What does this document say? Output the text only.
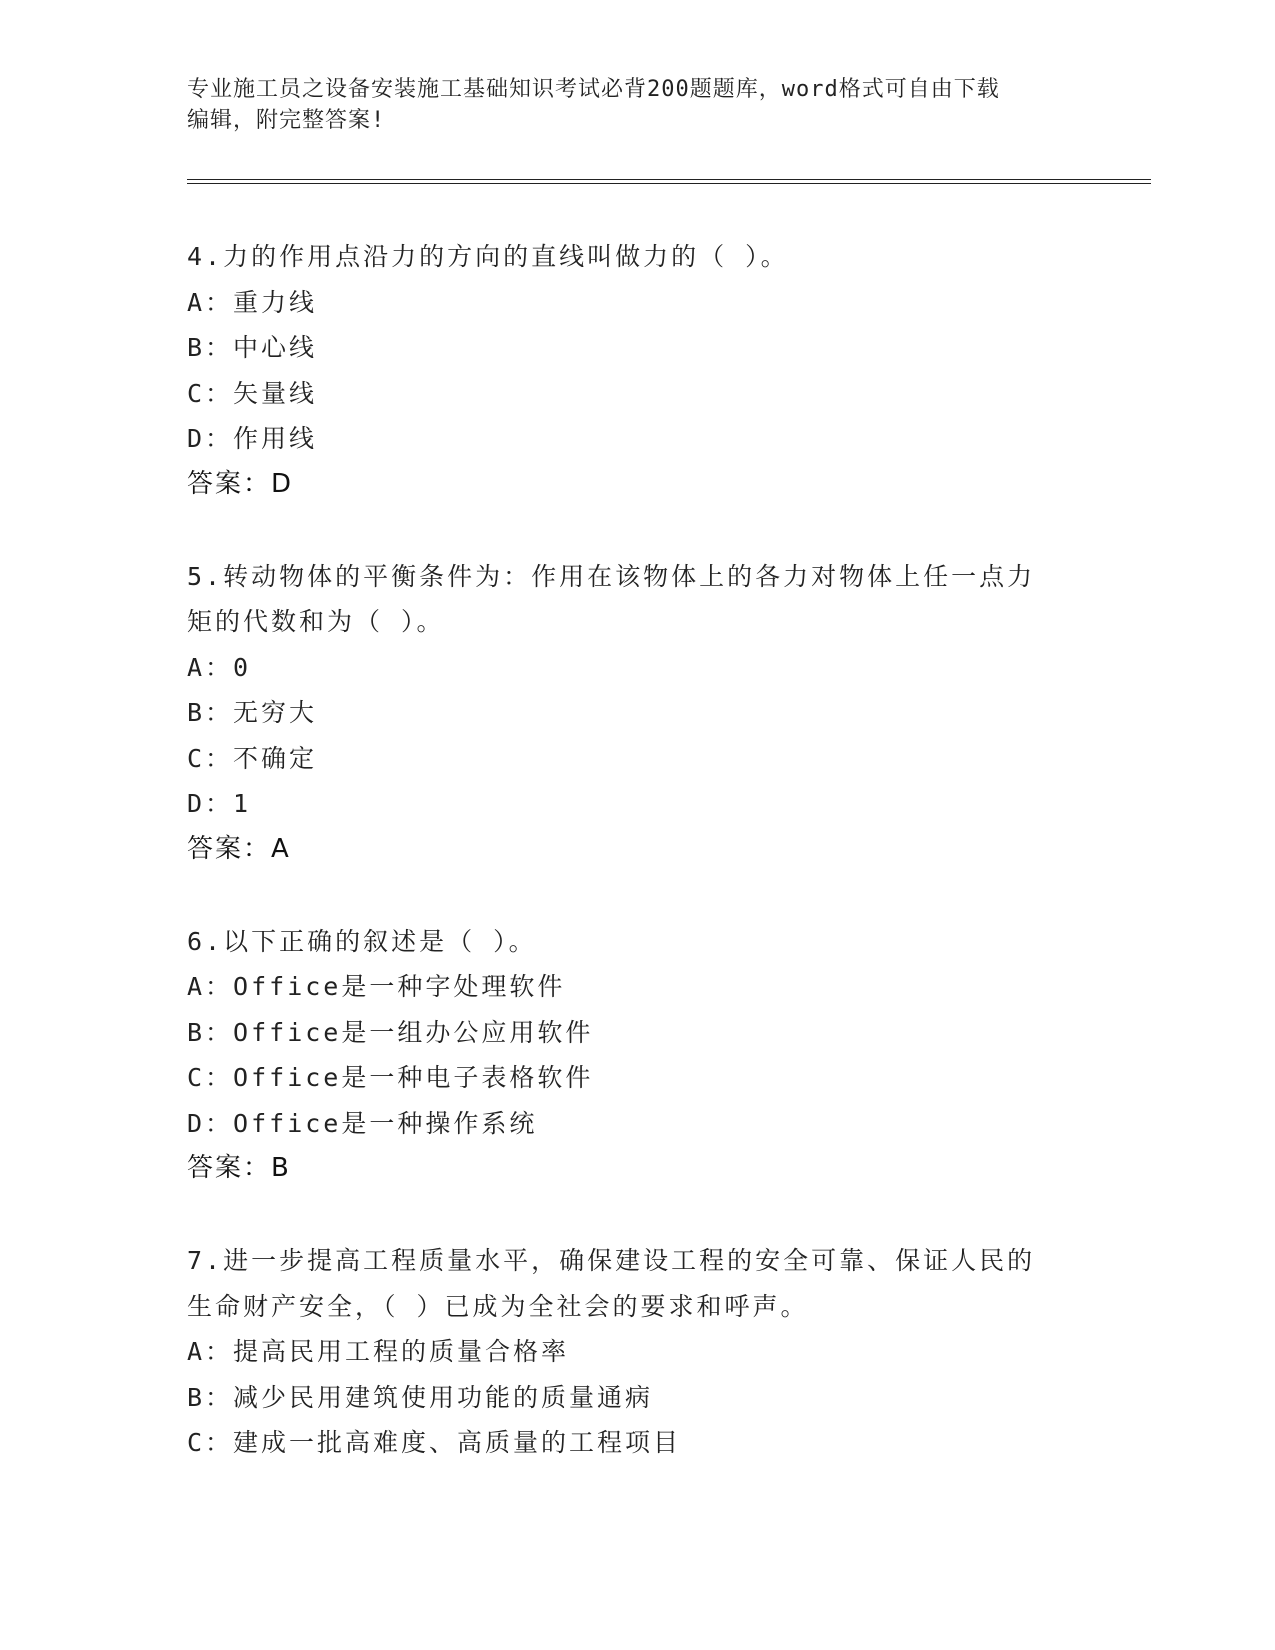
专业施工员之设备安装施工基础知识考试必背200题题库，word格式可自由下载
编辑，附完整答案!
4.力的作用点沿力的方向的直线叫做力的（ ）。
A：重力线
B：中心线
C：矢量线
D：作用线
答案：D
5.转动物体的平衡条件为：作用在该物体上的各力对物体上任一点力
矩的代数和为（ ）。
A：0
B：无穷大
C：不确定
D：1
答案：A
6.以下正确的叙述是（ ）。
A：Office是一种字处理软件
B：Office是一组办公应用软件
C：Office是一种电子表格软件
D：Office是一种操作系统
答案：B
7.进一步提高工程质量水平，确保建设工程的安全可靠、保证人民的
生命财产安全，（ ）已成为全社会的要求和呼声。
A：提高民用工程的质量合格率
B：减少民用建筑使用功能的质量通病
C：建成一批高难度、高质量的工程项目
